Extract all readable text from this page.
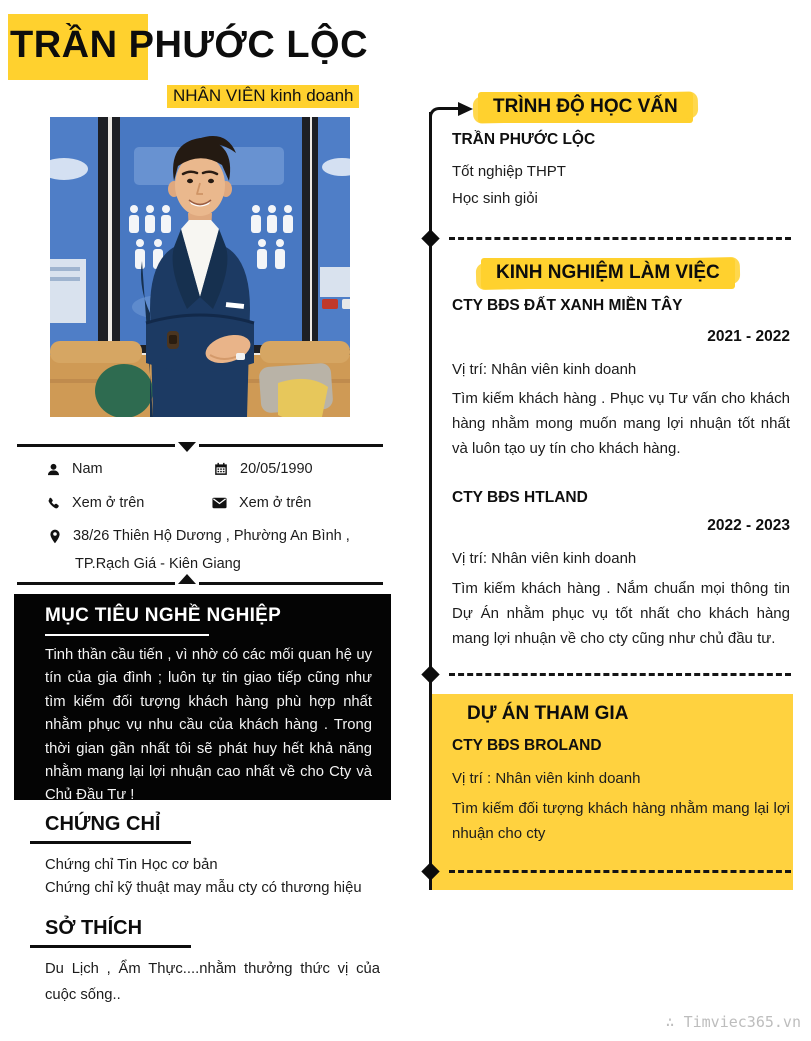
TRẦN PHƯỚC LỘC
NHÂN VIÊN kinh doanh
Nam	20/05/1990
Xem ở trên	Xem ở trên
38/26 Thiên Hộ Dương , Phường An Bình ,
TP.Rạch Giá - Kiên Giang
MỤC TIÊU NGHỀ NGHIỆP
Tinh thần cầu tiến , vì nhờ có các mối quan hệ uy tín của gia đình ; luôn tự tin giao tiếp cũng như tìm kiếm đối tượng khách hàng phù hợp nhất nhằm phục vụ nhu cầu của khách hàng . Trong thời gian gần nhất tôi sẽ phát huy hết khả năng nhằm mang lại lợi nhuận cao nhất về cho Cty và Chủ Đầu Tư !
CHỨNG CHỈ
Chứng chỉ Tin Học cơ bản
Chứng chỉ kỹ thuật may mẫu cty có thương hiệu
SỞ THÍCH
Du Lịch , Ẩm Thực....nhằm thưởng thức vị của cuộc sống..
TRÌNH ĐỘ HỌC VẤN
TRẦN PHƯỚC LỘC
Tốt nghiệp THPT
Học sinh giỏi
KINH NGHIỆM LÀM VIỆC
CTY BĐS ĐẤT XANH MIỀN TÂY
2021 - 2022
Vị trí: Nhân viên kinh doanh
Tìm kiếm khách hàng . Phục vụ Tư vấn cho khách hàng nhằm mong muốn mang lợi nhuận tốt nhất và luôn tạo uy tín cho khách hàng.
CTY BĐS HTLAND
2022 - 2023
Vị trí: Nhân viên kinh doanh
Tìm kiếm khách hàng . Nắm chuẩn mọi thông tin Dự Án nhằm phục vụ tốt nhất cho khách hàng mang lợi nhuận về cho cty cũng như chủ đầu tư.
DỰ ÁN THAM GIA
CTY BĐS BROLAND
Vị trí : Nhân viên kinh doanh
Tìm kiếm đối tượng khách hàng nhằm mang lại lợi nhuận cho cty
∴ Timviec365.vn
